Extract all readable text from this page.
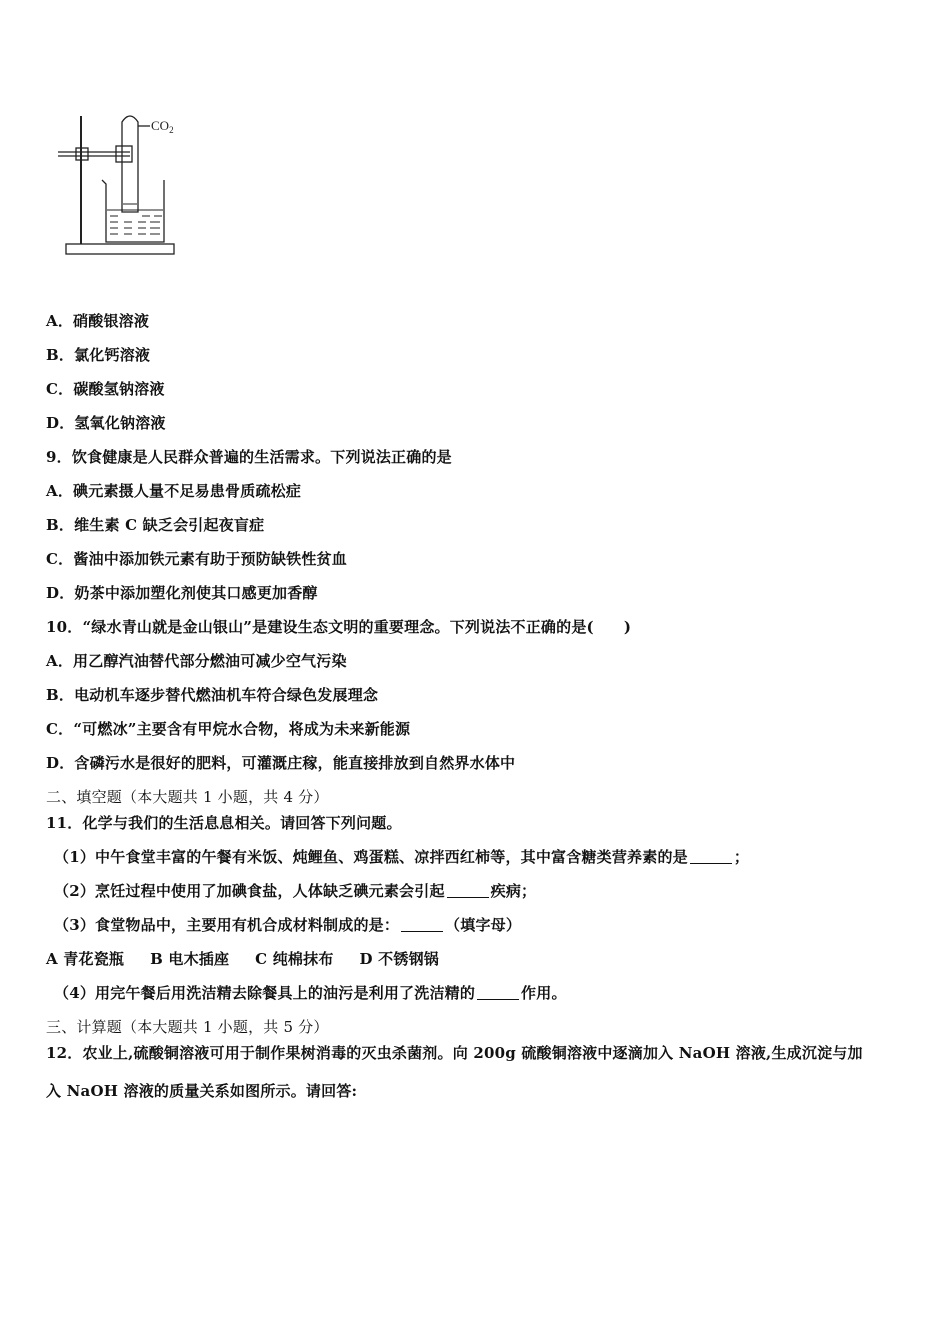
$CO_2$
A．硝酸银溶液
B．氯化钙溶液
C．碳酸氢钠溶液
D．氢氧化钠溶液
9．饮食健康是人民群众普遍的生活需求。下列说法正确的是
A．碘元素摄人量不足易患骨质疏松症
B．维生素 C 缺乏会引起夜盲症
C．酱油中添加铁元素有助于预防缺铁性贫血
D．奶茶中添加塑化剂使其口感更加香醇
10．“绿水青山就是金山银山”是建设生态文明的重要理念。下列说法不正确的是( )
A．用乙醇汽油替代部分燃油可减少空气污染
B．电动机车逐步替代燃油机车符合绿色发展理念
C．“可燃冰”主要含有甲烷水合物，将成为未来新能源
D．含磷污水是很好的肥料，可灌溉庄稼，能直接排放到自然界水体中
二、填空题（本大题共 1 小题，共 4 分）
11．化学与我们的生活息息相关。请回答下列问题。
（1）中午食堂丰富的午餐有米饭、炖鲤鱼、鸡蛋糕、凉拌西红柿等，其中富含糖类营养素的是	；
（2）烹饪过程中使用了加碘食盐，人体缺乏碘元素会引起	疾病；
（3）食堂物品中，主要用有机合成材料制成的是：	（填字母）
A 青花瓷瓶 B 电木插座 C 纯棉抹布 D 不锈钢锅
（4）用完午餐后用洗洁精去除餐具上的油污是利用了洗洁精的	作用。
三、计算题（本大题共 1 小题，共 5 分）
12．农业上,硫酸铜溶液可用于制作果树消毒的灭虫杀菌剂。向 200g 硫酸铜溶液中逐滴加入 NaOH 溶液,生成沉淀与加
入 NaOH 溶液的质量关系如图所示。请回答:
